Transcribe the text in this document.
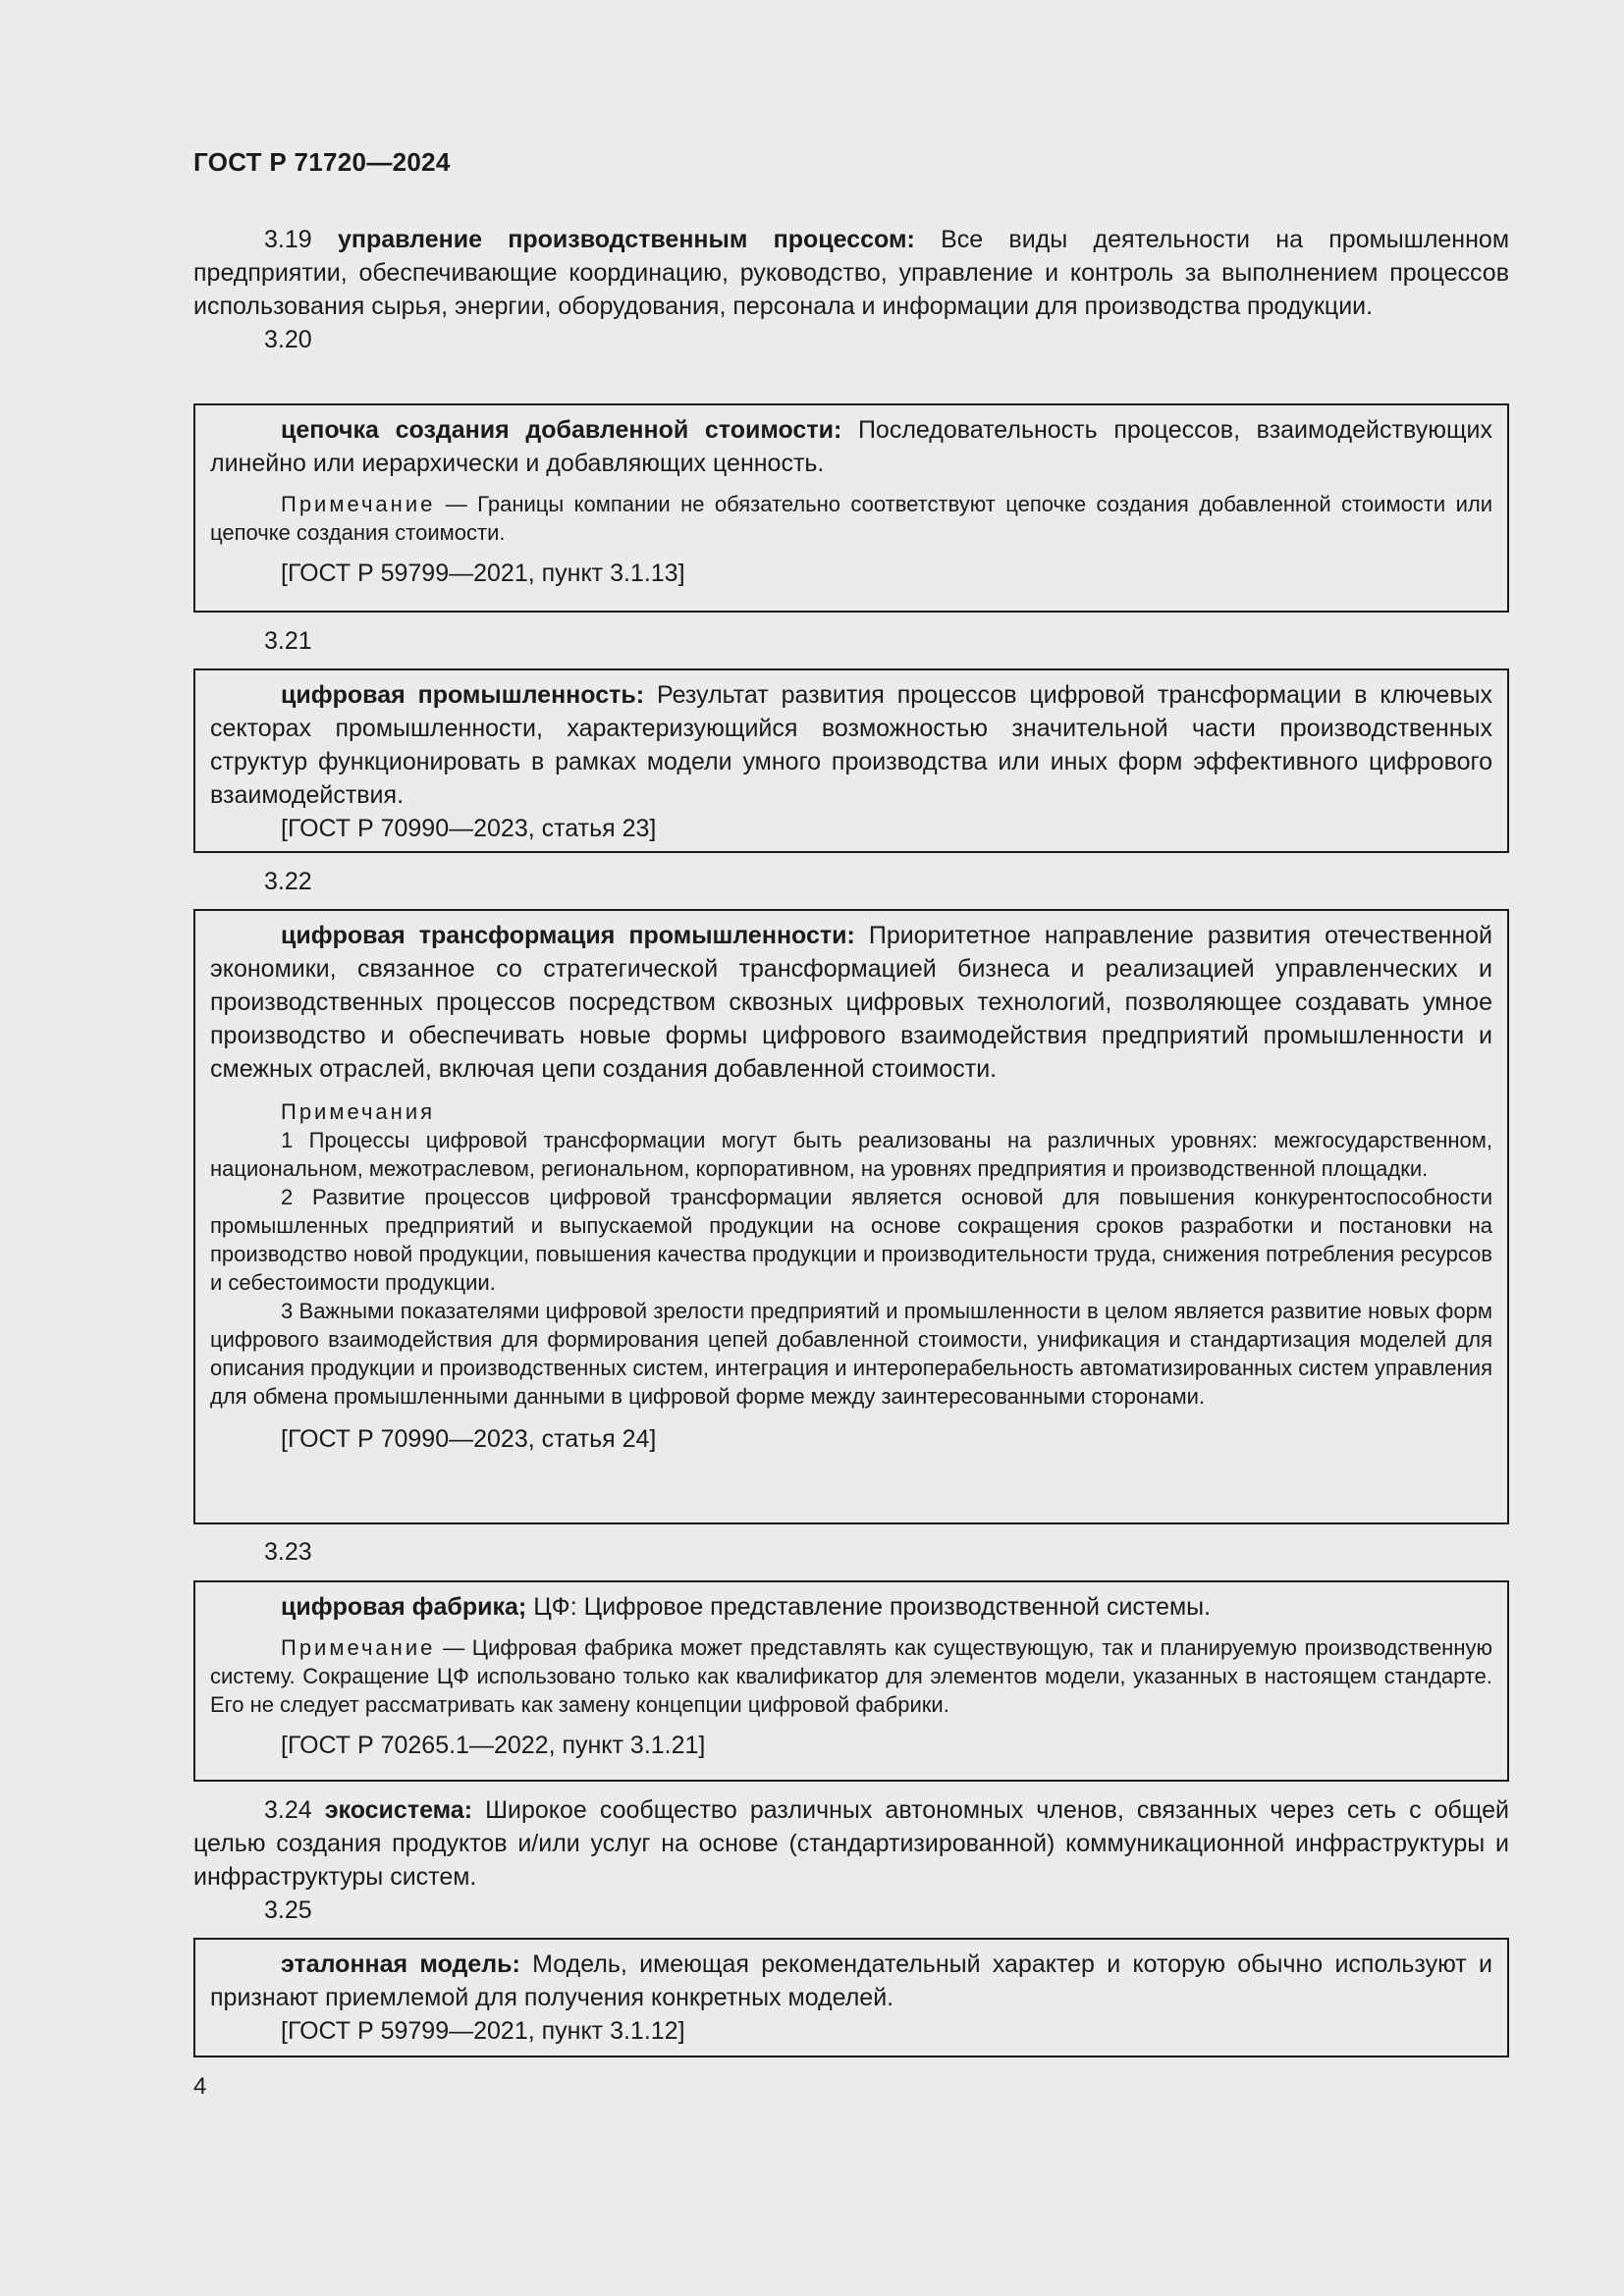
ГОСТ Р 71720—2024

3.19 управление производственным процессом: Все виды деятельности на промышленном предприятии, обеспечивающие координацию, руководство, управление и контроль за выполнением процессов использования сырья, энергии, оборудования, персонала и информации для производства продукции.

3.20

цепочка создания добавленной стоимости: Последовательность процессов, взаимодействующих линейно или иерархически и добавляющих ценность.

Примечание — Границы компании не обязательно соответствуют цепочке создания добавленной стоимости или цепочке создания стоимости.

[ГОСТ Р 59799—2021, пункт 3.1.13]

3.21

цифровая промышленность: Результат развития процессов цифровой трансформации в ключевых секторах промышленности, характеризующийся возможностью значительной части производственных структур функционировать в рамках модели умного производства или иных форм эффективного цифрового взаимодействия.

[ГОСТ Р 70990—2023, статья 23]

3.22

цифровая трансформация промышленности: Приоритетное направление развития отечественной экономики, связанное со стратегической трансформацией бизнеса и реализацией управленческих и производственных процессов посредством сквозных цифровых технологий, позволяющее создавать умное производство и обеспечивать новые формы цифрового взаимодействия предприятий промышленности и смежных отраслей, включая цепи создания добавленной стоимости.

Примечания

1 Процессы цифровой трансформации могут быть реализованы на различных уровнях: межгосударственном, национальном, межотраслевом, региональном, корпоративном, на уровнях предприятия и производственной площадки.

2 Развитие процессов цифровой трансформации является основой для повышения конкурентоспособности промышленных предприятий и выпускаемой продукции на основе сокращения сроков разработки и постановки на производство новой продукции, повышения качества продукции и производительности труда, снижения потребления ресурсов и себестоимости продукции.

3 Важными показателями цифровой зрелости предприятий и промышленности в целом является развитие новых форм цифрового взаимодействия для формирования цепей добавленной стоимости, унификация и стандартизация моделей для описания продукции и производственных систем, интеграция и интероперабельность автоматизированных систем управления для обмена промышленными данными в цифровой форме между заинтересованными сторонами.

[ГОСТ Р 70990—2023, статья 24]

3.23

цифровая фабрика; ЦФ: Цифровое представление производственной системы.

Примечание — Цифровая фабрика может представлять как существующую, так и планируемую производственную систему. Сокращение ЦФ использовано только как квалификатор для элементов модели, указанных в настоящем стандарте. Его не следует рассматривать как замену концепции цифровой фабрики.

[ГОСТ Р 70265.1—2022, пункт 3.1.21]

3.24 экосистема: Широкое сообщество различных автономных членов, связанных через сеть с общей целью создания продуктов и/или услуг на основе (стандартизированной) коммуникационной инфраструктуры и инфраструктуры систем.

3.25

эталонная модель: Модель, имеющая рекомендательный характер и которую обычно используют и признают приемлемой для получения конкретных моделей.

[ГОСТ Р 59799—2021, пункт 3.1.12]

4
